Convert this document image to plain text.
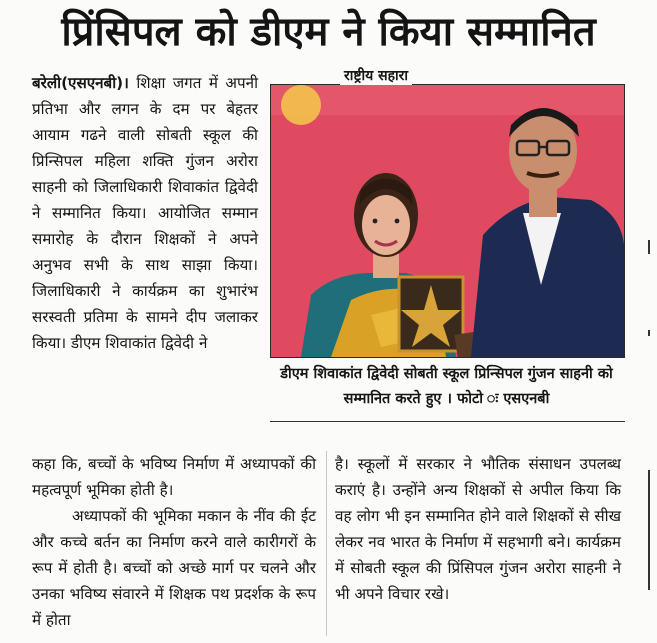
प्रिंसिपल को डीएम ने किया सम्मानित

बरेली(एसएनबी)। शिक्षा जगत में अपनी प्रतिभा और लगन के दम पर बेहतर आयाम गढने वाली सोबती स्कूल की प्रिन्सिपल महिला शक्ति गुंजन अरोरा साहनी को जिलाधिकारी शिवाकांत द्विवेदी ने सम्मानित किया। आयोजित सम्मान समारोह के दौरान शिक्षकों ने अपने अनुभव सभी के साथ साझा किया। जिलाधिकारी ने कार्यक्रम का शुभारंभ सरस्वती प्रतिमा के सामने दीप जलाकर किया। डीएम शिवाकांत द्विवेदी ने

राष्ट्रीय सहारा
डीएम शिवाकांत द्विवेदी सोबती स्कूल प्रिन्सिपल गुंजन साहनी को सम्मानित करते हुए । फोटो ः एसएनबी

कहा कि, बच्चों के भविष्य निर्माण में अध्यापकों की महत्वपूर्ण भूमिका होती है।

अध्यापकों की भूमिका मकान के नींव की ईट और कच्चे बर्तन का निर्माण करने वाले कारीगरों के रूप में होती है। बच्चों को अच्छे मार्ग पर चलने और उनका भविष्य संवारने में शिक्षक पथ प्रदर्शक के रूप में होता

है। स्कूलों में सरकार ने भौतिक संसाधन उपलब्ध कराएं है। उन्होंने अन्य शिक्षकों से अपील किया कि वह लोग भी इन सम्मानित होने वाले शिक्षकों से सीख लेकर नव भारत के निर्माण में सहभागी बने। कार्यक्रम में सोबती स्कूल की प्रिंसिपल गुंजन अरोरा साहनी ने भी अपने विचार रखे।
